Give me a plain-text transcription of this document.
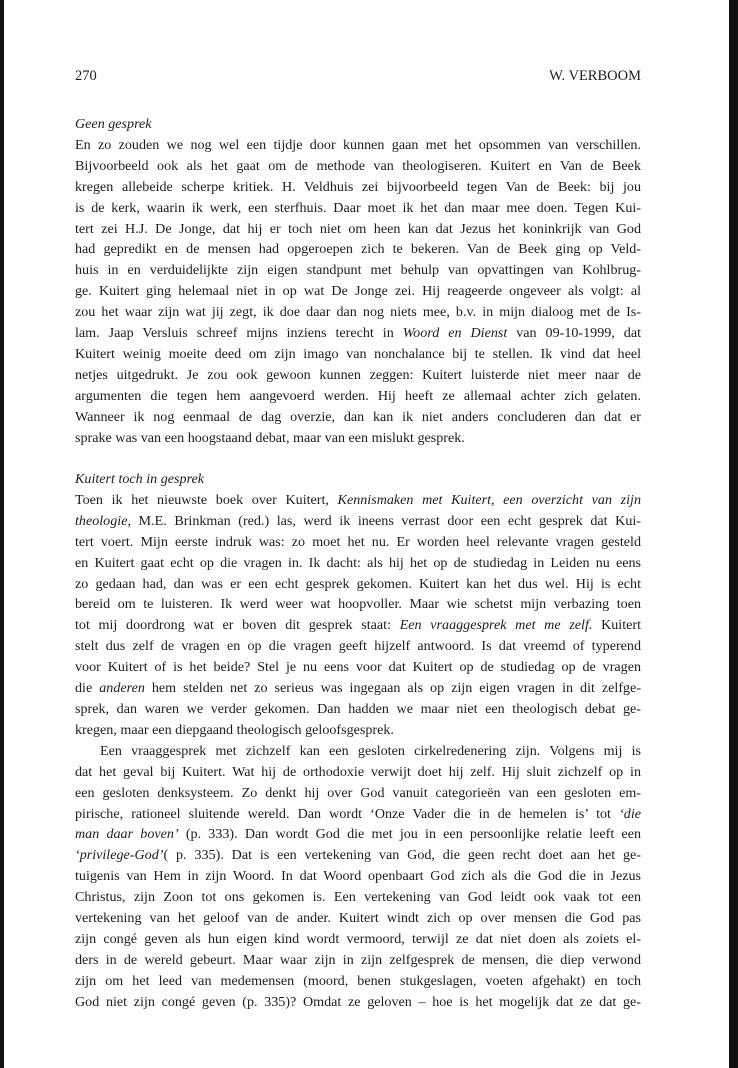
270	W. VERBOOM
Geen gesprek
En zo zouden we nog wel een tijdje door kunnen gaan met het opsommen van verschillen.
Bijvoorbeeld ook als het gaat om de methode van theologiseren. Kuitert en Van de Beek
kregen allebeide scherpe kritiek. H. Veldhuis zei bijvoorbeeld tegen Van de Beek: bij jou
is de kerk, waarin ik werk, een sterfhuis. Daar moet ik het dan maar mee doen. Tegen Kui-
tert zei H.J. De Jonge, dat hij er toch niet om heen kan dat Jezus het koninkrijk van God
had gepredikt en de mensen had opgeroepen zich te bekeren. Van de Beek ging op Veld-
huis in en verduidelijkte zijn eigen standpunt met behulp van opvattingen van Kohlbrug-
ge. Kuitert ging helemaal niet in op wat De Jonge zei. Hij reageerde ongeveer als volgt: al
zou het waar zijn wat jij zegt, ik doe daar dan nog niets mee, b.v. in mijn dialoog met de Is-
lam. Jaap Versluis schreef mijns inziens terecht in Woord en Dienst van 09-10-1999, dat
Kuitert weinig moeite deed om zijn imago van nonchalance bij te stellen. Ik vind dat heel
netjes uitgedrukt. Je zou ook gewoon kunnen zeggen: Kuitert luisterde niet meer naar de
argumenten die tegen hem aangevoerd werden. Hij heeft ze allemaal achter zich gelaten.
Wanneer ik nog eenmaal de dag overzie, dan kan ik niet anders concluderen dan dat er
sprake was van een hoogstaand debat, maar van een mislukt gesprek.
Kuitert toch in gesprek
Toen ik het nieuwste boek over Kuitert, Kennismaken met Kuitert, een overzicht van zijn
theologie, M.E. Brinkman (red.) las, werd ik ineens verrast door een echt gesprek dat Kui-
tert voert. Mijn eerste indruk was: zo moet het nu. Er worden heel relevante vragen gesteld
en Kuitert gaat echt op die vragen in. Ik dacht: als hij het op de studiedag in Leiden nu eens
zo gedaan had, dan was er een echt gesprek gekomen. Kuitert kan het dus wel. Hij is echt
bereid om te luisteren. Ik werd weer wat hoopvoller. Maar wie schetst mijn verbazing toen
tot mij doordrong wat er boven dit gesprek staat: Een vraaggesprek met me zelf. Kuitert
stelt dus zelf de vragen en op die vragen geeft hijzelf antwoord. Is dat vreemd of typerend
voor Kuitert of is het beide? Stel je nu eens voor dat Kuitert op de studiedag op de vragen
die anderen hem stelden net zo serieus was ingegaan als op zijn eigen vragen in dit zelfge-
sprek, dan waren we verder gekomen. Dan hadden we maar niet een theologisch debat ge-
kregen, maar een diepgaand theologisch geloofsgesprek.
Een vraaggesprek met zichzelf kan een gesloten cirkelredenering zijn. Volgens mij is
dat het geval bij Kuitert. Wat hij de orthodoxie verwijt doet hij zelf. Hij sluit zichzelf op in
een gesloten denksysteem. Zo denkt hij over God vanuit categorieën van een gesloten em-
pirische, rationeel sluitende wereld. Dan wordt ‘Onze Vader die in de hemelen is’ tot ‘die
man daar boven’ (p. 333). Dan wordt God die met jou in een persoonlijke relatie leeft een
‘privilege-God’( p. 335). Dat is een vertekening van God, die geen recht doet aan het ge-
tuigenis van Hem in zijn Woord. In dat Woord openbaart God zich als die God die in Jezus
Christus, zijn Zoon tot ons gekomen is. Een vertekening van God leidt ook vaak tot een
vertekening van het geloof van de ander. Kuitert windt zich op over mensen die God pas
zijn congé geven als hun eigen kind wordt vermoord, terwijl ze dat niet doen als zoiets el-
ders in de wereld gebeurt. Maar waar zijn in zijn zelfgesprek de mensen, die diep verwond
zijn om het leed van medemensen (moord, benen stukgeslagen, voeten afgehakt) en toch
God niet zijn congé geven (p. 335)? Omdat ze geloven – hoe is het mogelijk dat ze dat ge-
